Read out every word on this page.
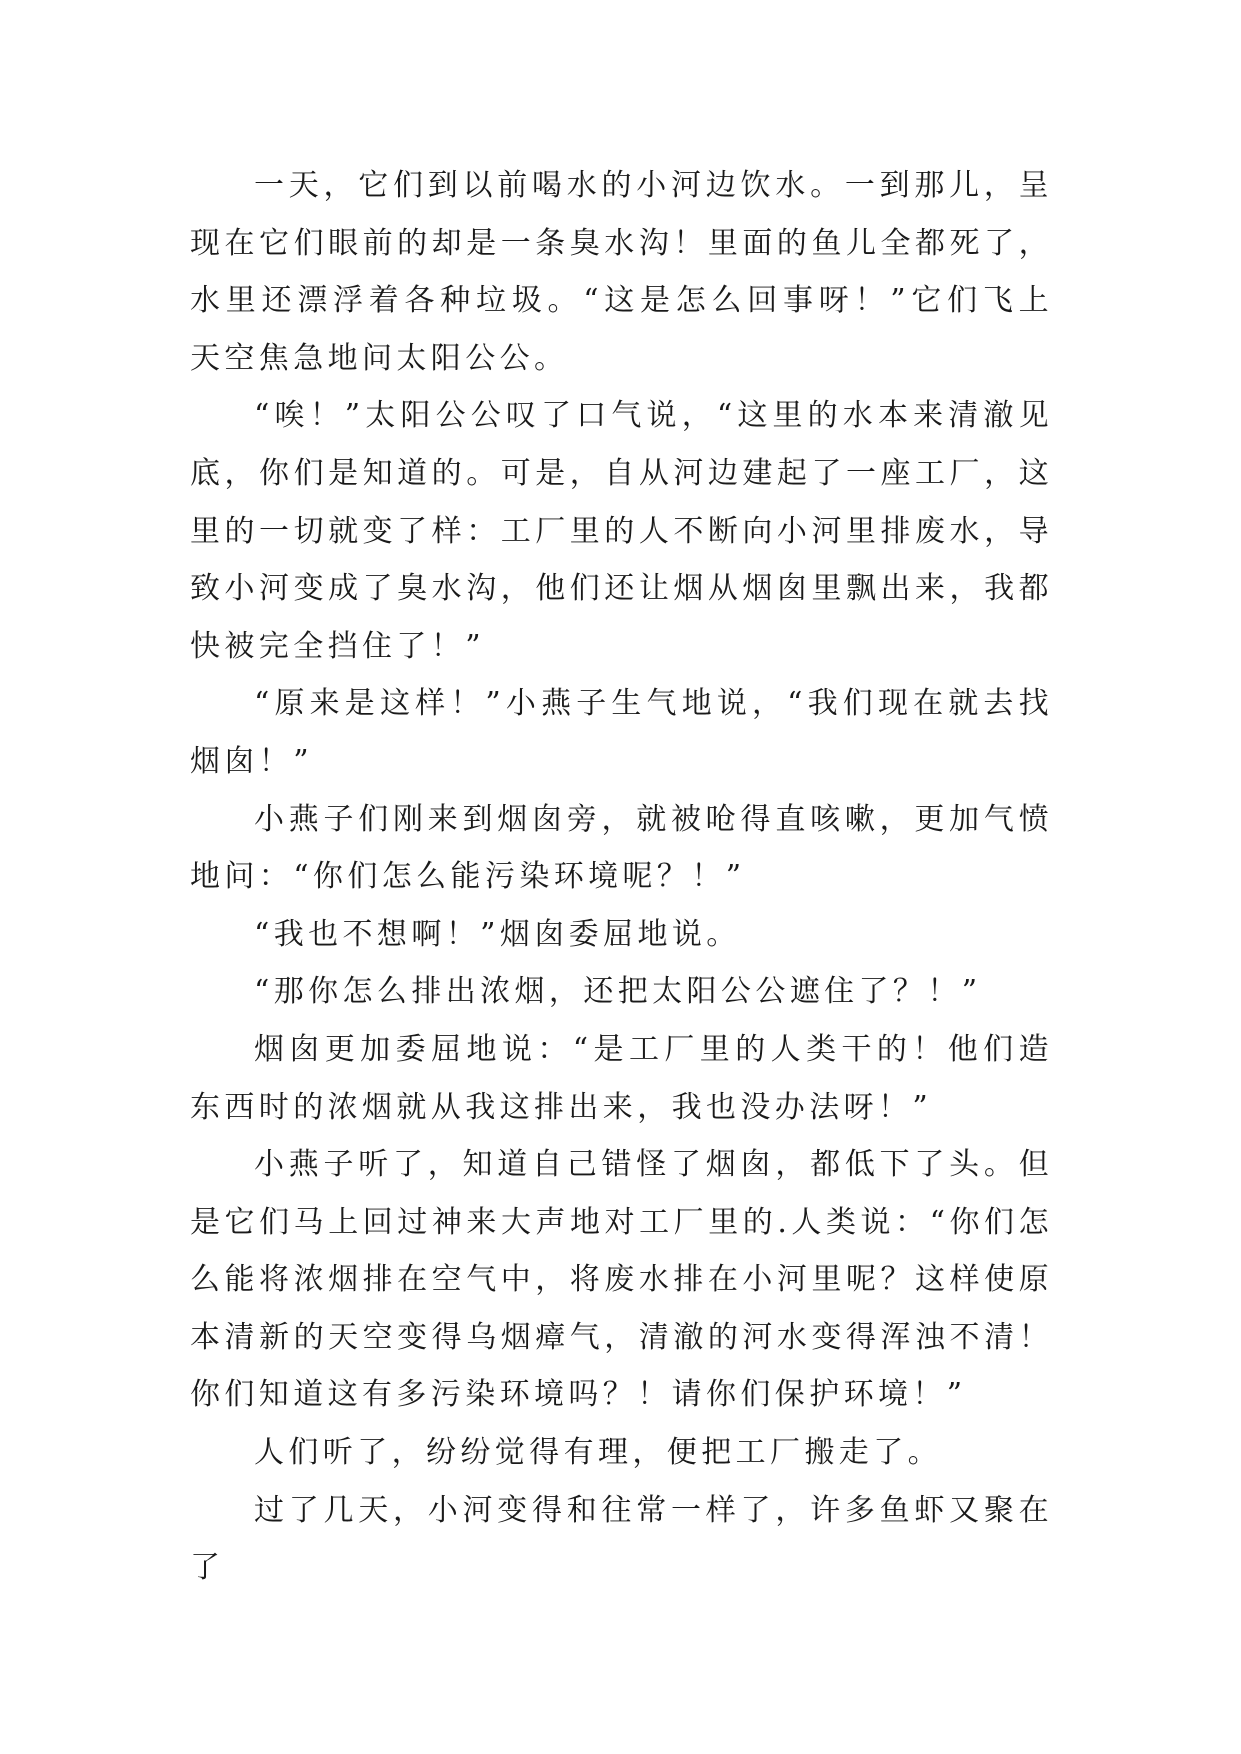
一天，它们到以前喝水的小河边饮水。一到那儿，呈现在它们眼前的却是一条臭水沟！里面的鱼儿全都死了，水里还漂浮着各种垃圾。“这是怎么回事呀！”它们飞上天空焦急地问太阳公公。

“唉！”太阳公公叹了口气说，“这里的水本来清澈见底，你们是知道的。可是，自从河边建起了一座工厂，这里的一切就变了样：工厂里的人不断向小河里排废水，导致小河变成了臭水沟，他们还让烟从烟囱里飘出来，我都快被完全挡住了！”

“原来是这样！”小燕子生气地说，“我们现在就去找烟囱！”

小燕子们刚来到烟囱旁，就被呛得直咳嗽，更加气愤地问：“你们怎么能污染环境呢？！”

“我也不想啊！”烟囱委屈地说。

“那你怎么排出浓烟，还把太阳公公遮住了？！”

烟囱更加委屈地说：“是工厂里的人类干的！他们造东西时的浓烟就从我这排出来，我也没办法呀！”

小燕子听了，知道自己错怪了烟囱，都低下了头。但是它们马上回过神来大声地对工厂里的.人类说：“你们怎么能将浓烟排在空气中，将废水排在小河里呢？这样使原本清新的天空变得乌烟瘴气，清澈的河水变得浑浊不清！你们知道这有多污染环境吗？！请你们保护环境！”

人们听了，纷纷觉得有理，便把工厂搬走了。

过了几天，小河变得和往常一样了，许多鱼虾又聚在了
